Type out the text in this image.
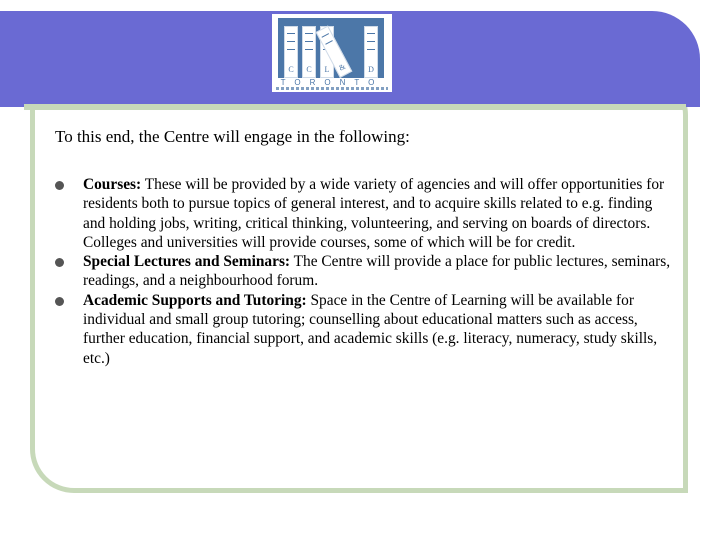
C	C	L &	D
TORONTO
To this end, the Centre will engage in the following:
Courses: These will be provided by a wide variety of agencies and will offer opportunities for residents both to pursue topics of general interest, and to acquire skills related to e.g. finding and holding jobs, writing, critical thinking, volunteering, and serving on boards of directors. Colleges and universities will provide courses, some of which will be for credit.
Special Lectures and Seminars: The Centre will provide a place for public lectures, seminars, readings, and a neighbourhood forum.
Academic Supports and Tutoring: Space in the Centre of Learning will be available for individual and small group tutoring; counselling about educational matters such as access, further education, financial support, and academic skills (e.g. literacy, numeracy, study skills, etc.)
